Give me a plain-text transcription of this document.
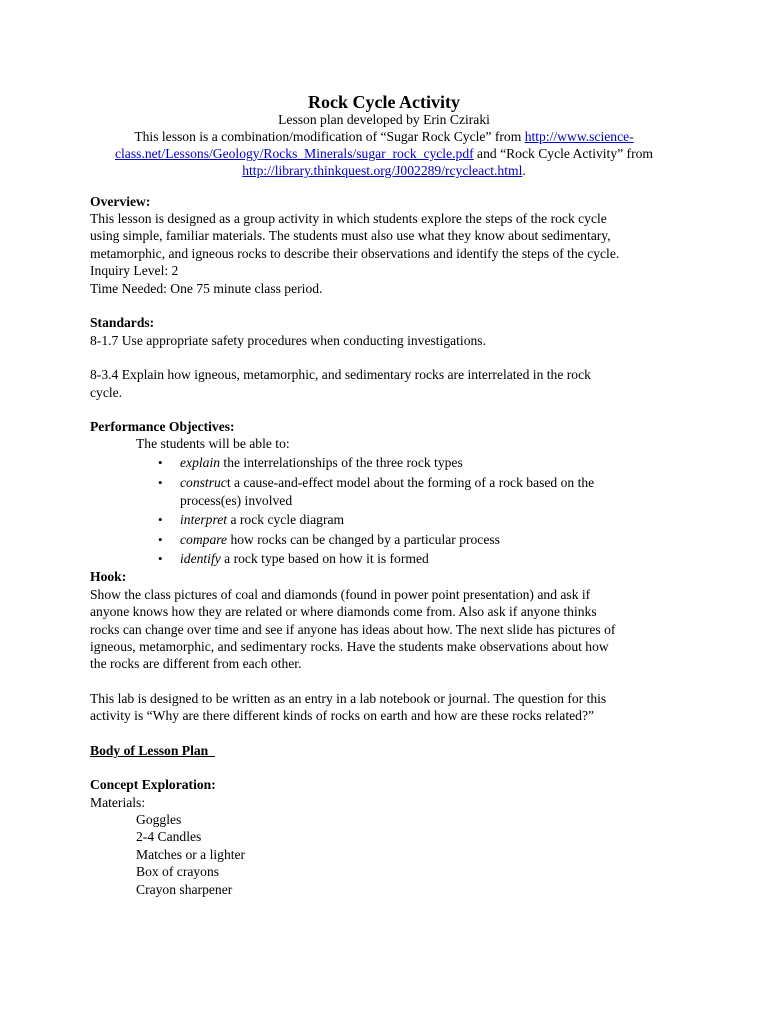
Rock Cycle Activity
Lesson plan developed by Erin Cziraki
This lesson is a combination/modification of “Sugar Rock Cycle” from http://www.science-
class.net/Lessons/Geology/Rocks_Minerals/sugar_rock_cycle.pdf and “Rock Cycle Activity” from
http://library.thinkquest.org/J002289/rcycleact.html.
Overview:
This lesson is designed as a group activity in which students explore the steps of the rock cycle
using simple, familiar materials. The students must also use what they know about sedimentary,
metamorphic, and igneous rocks to describe their observations and identify the steps of the cycle.
Inquiry Level: 2
Time Needed: One 75 minute class period.
Standards:
8-1.7 Use appropriate safety procedures when conducting investigations.
8-3.4 Explain how igneous, metamorphic, and sedimentary rocks are interrelated in the rock
cycle.
Performance Objectives:
The students will be able to:
• explain the interrelationships of the three rock types
• construct a cause-and-effect model about the forming of a rock based on the
process(es) involved
• interpret a rock cycle diagram
• compare how rocks can be changed by a particular process
• identify a rock type based on how it is formed
Hook:
Show the class pictures of coal and diamonds (found in power point presentation) and ask if
anyone knows how they are related or where diamonds come from. Also ask if anyone thinks
rocks can change over time and see if anyone has ideas about how. The next slide has pictures of
igneous, metamorphic, and sedimentary rocks. Have the students make observations about how
the rocks are different from each other.
This lab is designed to be written as an entry in a lab notebook or journal. The question for this
activity is “Why are there different kinds of rocks on earth and how are these rocks related?”
Body of Lesson Plan
Concept Exploration:
Materials:
Goggles
2-4 Candles
Matches or a lighter
Box of crayons
Crayon sharpener
